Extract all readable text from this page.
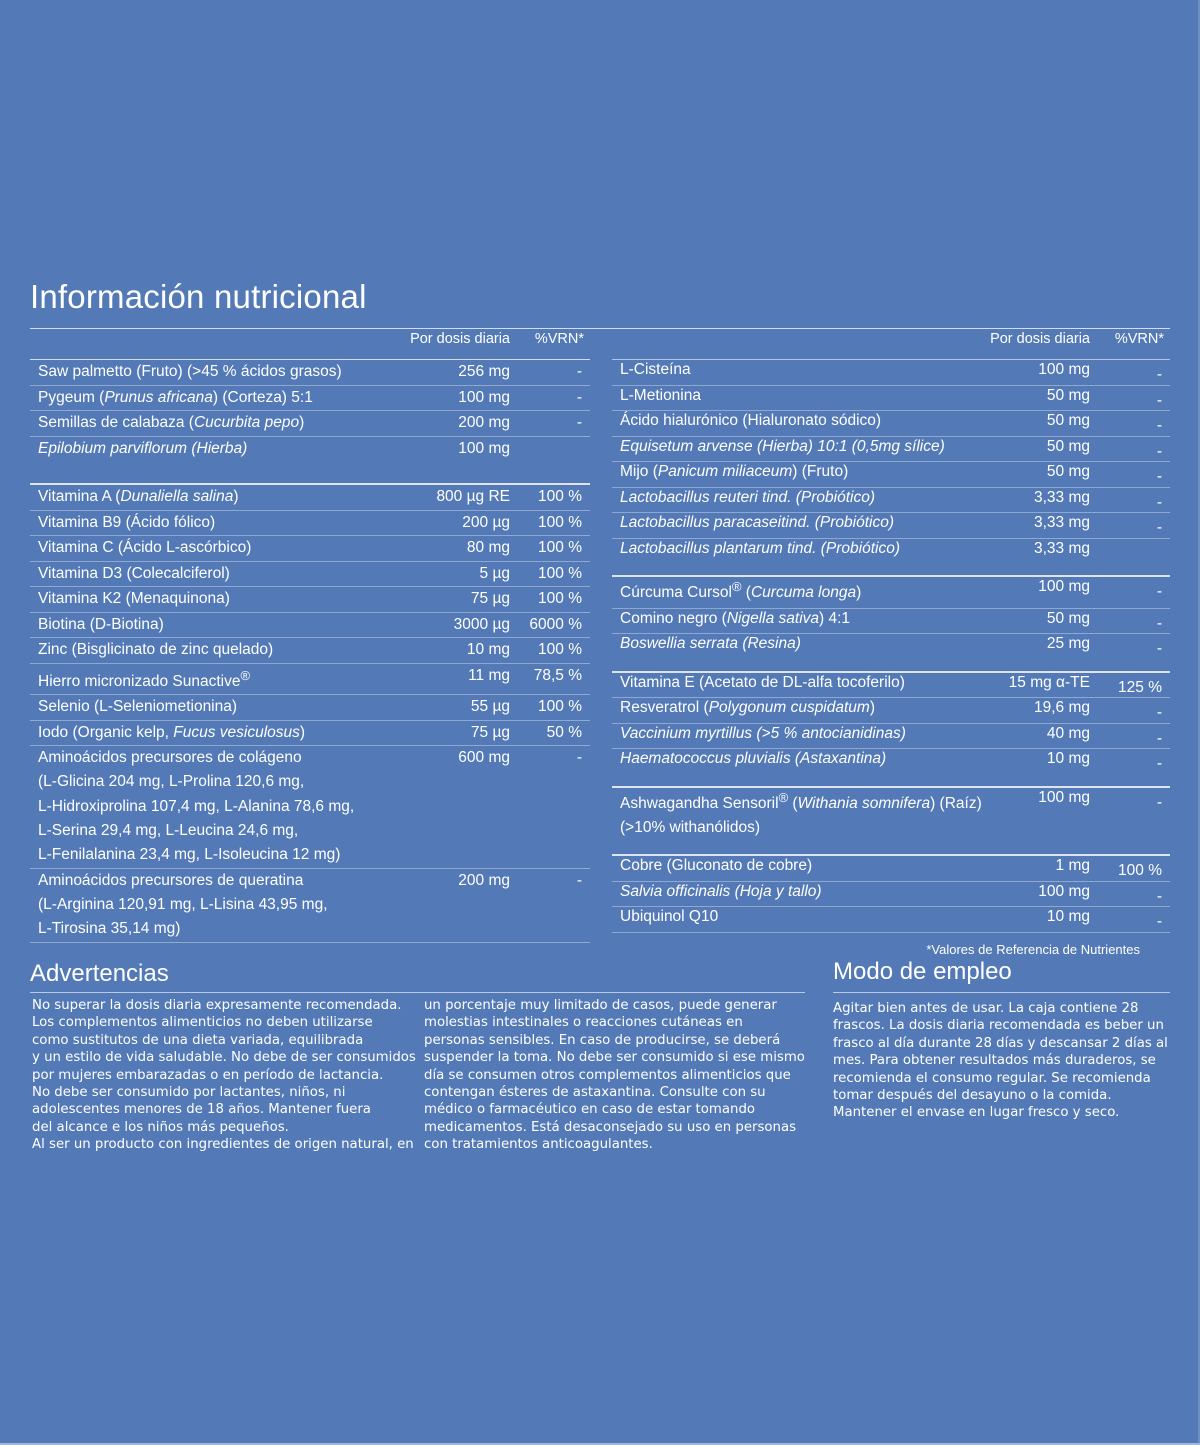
Información nutricional
Por dosis diaria %VRN*
Saw palmetto (Fruto) (>45 % ácidos grasos)	256 mg	-
Pygeum (Prunus africana) (Corteza) 5:1	100 mg	-
Semillas de calabaza (Cucurbita pepo)	200 mg	-
Epilobium parviflorum (Hierba)	100 mg
Vitamina A (Dunaliella salina)	800 µg RE 100 %
Vitamina B9 (Ácido fólico)	200 µg 100 %
Vitamina C (Ácido L-ascórbico)	80 mg 100 %
Vitamina D3 (Colecalciferol)	5 µg 100 %
Vitamina K2 (Menaquinona)	75 µg 100 %
Biotina (D-Biotina)	3000 µg 6000 %
Zinc (Bisglicinato de zinc quelado)	10 mg 100 %
Hierro micronizado Sunactive®	11 mg 78,5 %
Selenio (L-Seleniometionina)	55 µg 100 %
Iodo (Organic kelp, Fucus vesiculosus)	75 µg 50 %
Aminoácidos precursores de colágeno
(L-Glicina 204 mg, L-Prolina 120,6 mg,
L-Hidroxiprolina 107,4 mg, L-Alanina 78,6 mg,
L-Serina 29,4 mg, L-Leucina 24,6 mg,
L-Fenilalanina 23,4 mg, L-Isoleucina 12 mg)
600 mg	-
Aminoácidos precursores de queratina
(L-Arginina 120,91 mg, L-Lisina 43,95 mg,
L-Tirosina 35,14 mg)
200 mg	-
Por dosis diaria %VRN*
L-Cisteína	100 mg	-
L-Metionina	50 mg	-
Ácido hialurónico (Hialuronato sódico)	50 mg	-
Equisetum arvense (Hierba) 10:1 (0,5mg sílice)	50 mg	-
Mijo (Panicum miliaceum) (Fruto)	50 mg	-
Lactobacillus reuteri tind. (Probiótico)	3,33 mg	-
Lactobacillus paracaseitind. (Probiótico)	3,33 mg	-
Lactobacillus plantarum tind. (Probiótico)	3,33 mg
Cúrcuma Cursol® (Curcuma longa)	100 mg	-
Comino negro (Nigella sativa) 4:1	50 mg	-
Boswellia serrata (Resina)	25 mg	-
Vitamina E (Acetato de DL-alfa tocoferilo)	15 mg α-TE 125 %
Resveratrol (Polygonum cuspidatum)	19,6 mg	-
Vaccinium myrtillus (>5 % antocianidinas)	40 mg	-
Haematococcus pluvialis (Astaxantina)	10 mg	-
Ashwagandha Sensoril® (Withania somnifera) (Raíz)
(>10% withanólidos)
100 mg	-
Cobre (Gluconato de cobre)	1 mg 100 %
Salvia officinalis (Hoja y tallo)	100 mg	-
Ubiquinol Q10	10 mg	-
*Valores de Referencia de Nutrientes
Advertencias
No superar la dosis diaria expresamente recomendada.
Los complementos alimenticios no deben utilizarse
como sustitutos de una dieta variada, equilibrada
y un estilo de vida saludable. No debe de ser consumidos
por mujeres embarazadas o en período de lactancia.
No debe ser consumido por lactantes, niños, ni
adolescentes menores de 18 años. Mantener fuera
del alcance e los niños más pequeños.
Al ser un producto con ingredientes de origen natural, en
un porcentaje muy limitado de casos, puede generar
molestias intestinales o reacciones cutáneas en
personas sensibles. En caso de producirse, se deberá
suspender la toma. No debe ser consumido si ese mismo
día se consumen otros complementos alimenticios que
contengan ésteres de astaxantina. Consulte con su
médico o farmacéutico en caso de estar tomando
medicamentos. Está desaconsejado su uso en personas
con tratamientos anticoagulantes.
Modo de empleo
Agitar bien antes de usar. La caja contiene 28
frascos. La dosis diaria recomendada es beber un
frasco al día durante 28 días y descansar 2 días al
mes. Para obtener resultados más duraderos, se
recomienda el consumo regular. Se recomienda
tomar después del desayuno o la comida.
Mantener el envase en lugar fresco y seco.
